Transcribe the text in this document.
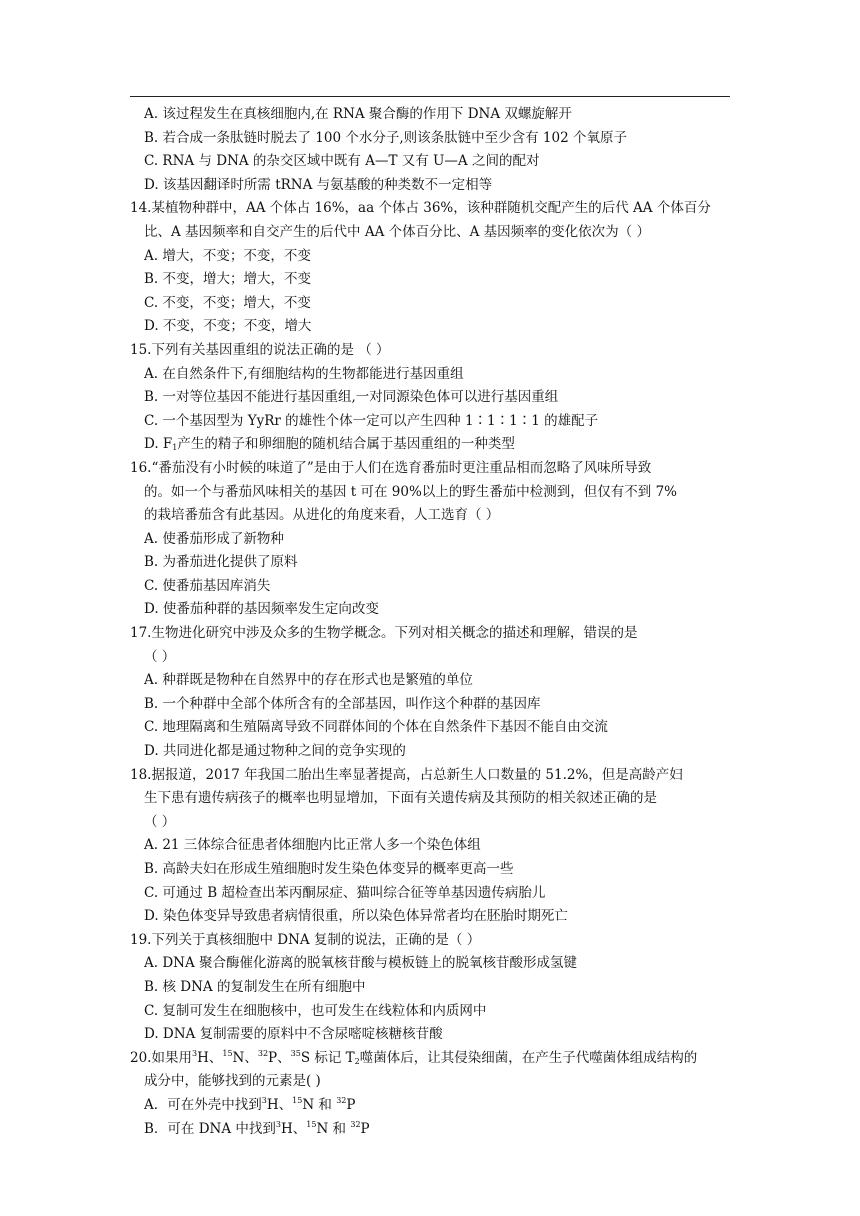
A. 该过程发生在真核细胞内,在 RNA 聚合酶的作用下 DNA 双螺旋解开
B. 若合成一条肽链时脱去了 100 个水分子,则该条肽链中至少含有 102 个氧原子
C. RNA 与 DNA 的杂交区域中既有 A—T 又有 U—A 之间的配对
D. 该基因翻译时所需 tRNA 与氨基酸的种类数不一定相等
14.某植物种群中，AA 个体占 16%，aa 个体占 36%，该种群随机交配产生的后代 AA 个体百分
比、A 基因频率和自交产生的后代中 AA 个体百分比、A 基因频率的变化依次为（ ）
A. 增大，不变；不变，不变
B. 不变，增大；增大，不变
C. 不变，不变；增大，不变
D. 不变，不变；不变，增大
15.下列有关基因重组的说法正确的是 （ ）
A. 在自然条件下,有细胞结构的生物都能进行基因重组
B. 一对等位基因不能进行基因重组,一对同源染色体可以进行基因重组
C. 一个基因型为 YyRr 的雄性个体一定可以产生四种 1∶1∶1∶1 的雄配子
D. $F_1$产生的精子和卵细胞的随机结合属于基因重组的一种类型
16.“番茄没有小时候的味道了”是由于人们在选育番茄时更注重品相而忽略了风味所导致
的。如一个与番茄风味相关的基因 t 可在 90%以上的野生番茄中检测到，但仅有不到 7%
的栽培番茄含有此基因。从进化的角度来看，人工选育（ ）
A. 使番茄形成了新物种
B. 为番茄进化提供了原料
C. 使番茄基因库消失
D. 使番茄种群的基因频率发生定向改变
17.生物进化研究中涉及众多的生物学概念。下列对相关概念的描述和理解，错误的是
（ ）
A. 种群既是物种在自然界中的存在形式也是繁殖的单位
B. 一个种群中全部个体所含有的全部基因，叫作这个种群的基因库
C. 地理隔离和生殖隔离导致不同群体间的个体在自然条件下基因不能自由交流
D. 共同进化都是通过物种之间的竞争实现的
18.据报道，2017 年我国二胎出生率显著提高，占总新生人口数量的 51.2%，但是高龄产妇
生下患有遗传病孩子的概率也明显增加，下面有关遗传病及其预防的相关叙述正确的是
（ ）
A. 21 三体综合征患者体细胞内比正常人多一个染色体组
B. 高龄夫妇在形成生殖细胞时发生染色体变异的概率更高一些
C. 可通过 B 超检查出苯丙酮尿症、猫叫综合征等单基因遗传病胎儿
D. 染色体变异导致患者病情很重，所以染色体异常者均在胚胎时期死亡
19.下列关于真核细胞中 DNA 复制的说法，正确的是（ ）
A. DNA 聚合酶催化游离的脱氧核苷酸与模板链上的脱氧核苷酸形成氢键
B. 核 DNA 的复制发生在所有细胞中
C. 复制可发生在细胞核中，也可发生在线粒体和内质网中
D. DNA 复制需要的原料中不含尿嘧啶核糖核苷酸
20.如果用$^3$H、$^{15}$N、$^{32}$P、$^{35}$S 标记 $T_2$噬菌体后，让其侵染细菌，在产生子代噬菌体组成结构的
成分中，能够找到的元素是( )
A．可在外壳中找到$^3$H、$^{15}$N 和 $^{32}$P
B．可在 DNA 中找到$^3$H、$^{15}$N 和 $^{32}$P
